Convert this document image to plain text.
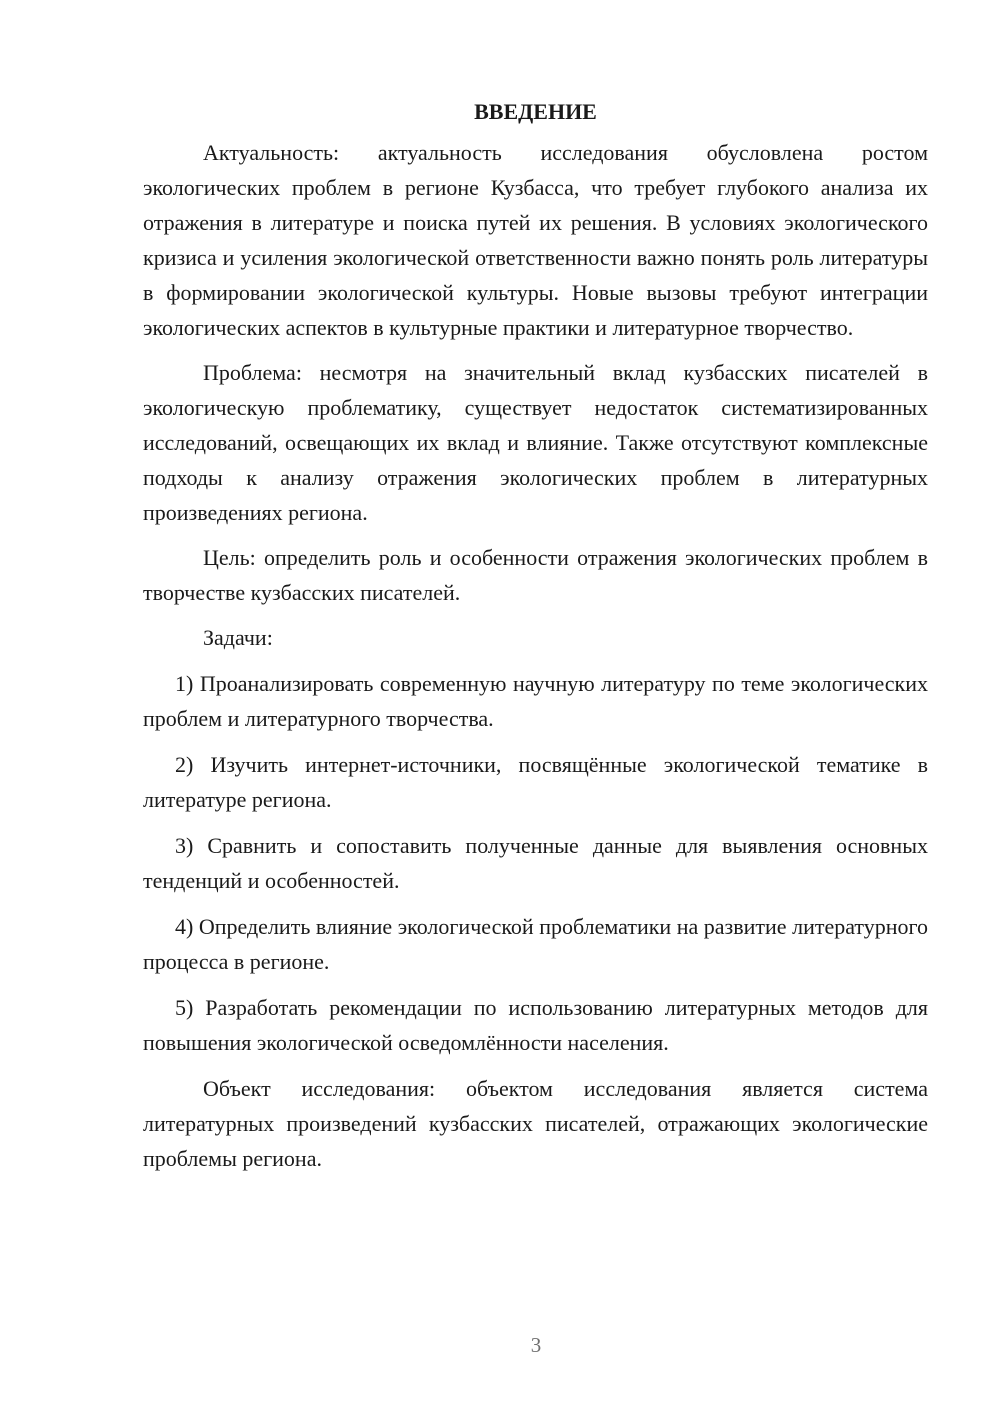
ВВЕДЕНИЕ

Актуальность: актуальность исследования обусловлена ростом экологических проблем в регионе Кузбасса, что требует глубокого анализа их отражения в литературе и поиска путей их решения. В условиях экологического кризиса и усиления экологической ответственности важно понять роль литературы в формировании экологической культуры. Новые вызовы требуют интеграции экологических аспектов в культурные практики и литературное творчество.

Проблема: несмотря на значительный вклад кузбасских писателей в экологическую проблематику, существует недостаток систематизированных исследований, освещающих их вклад и влияние. Также отсутствуют комплексные подходы к анализу отражения экологических проблем в литературных произведениях региона.

Цель: определить роль и особенности отражения экологических проблем в творчестве кузбасских писателей.

Задачи:

1) Проанализировать современную научную литературу по теме экологических проблем и литературного творчества.

2) Изучить интернет-источники, посвящённые экологической тематике в литературе региона.

3) Сравнить и сопоставить полученные данные для выявления основных тенденций и особенностей.

4) Определить влияние экологической проблематики на развитие литературного процесса в регионе.

5) Разработать рекомендации по использованию литературных методов для повышения экологической осведомлённости населения.

Объект исследования: объектом исследования является система литературных произведений кузбасских писателей, отражающих экологические проблемы региона.

3
